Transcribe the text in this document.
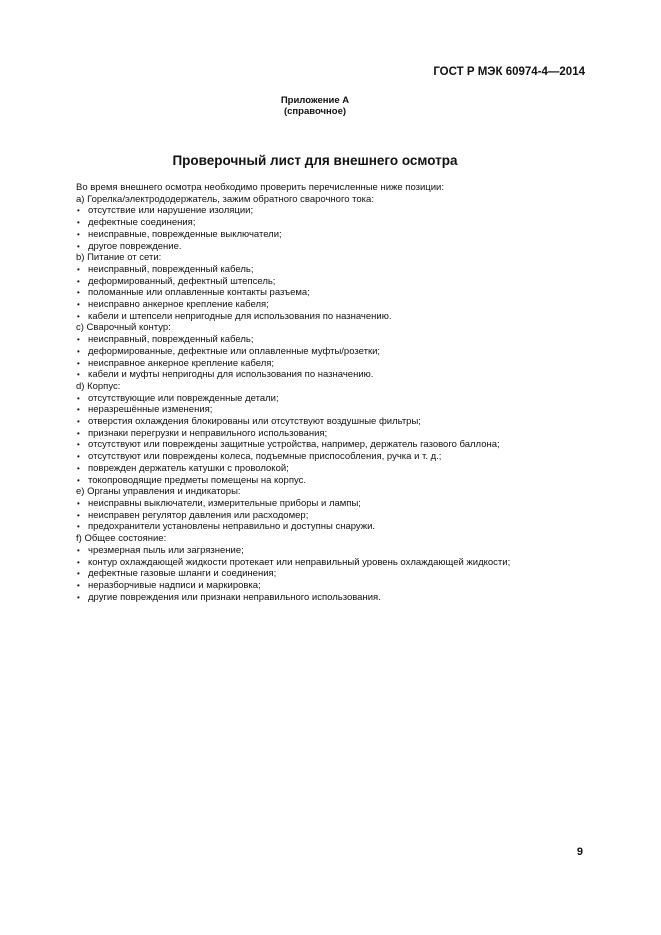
ГОСТ Р МЭК 60974-4—2014
Приложение А
(справочное)
Проверочный лист для внешнего осмотра
Во время внешнего осмотра необходимо проверить перечисленные ниже позиции:
a) Горелка/электрододержатель, зажим обратного сварочного тока:
• отсутствие или нарушение изоляции;
• дефектные соединения;
• неисправные, поврежденные выключатели;
• другое повреждение.
b) Питание от сети:
• неисправный, поврежденный кабель;
• деформированный, дефектный штепсель;
• поломанные или оплавленные контакты разъема;
• неисправно анкерное крепление кабеля;
• кабели и штепсели непригодные для использования по назначению.
c) Сварочный контур:
• неисправный, поврежденный кабель;
• деформированные, дефектные или оплавленные муфты/розетки;
• неисправное анкерное крепление кабеля;
• кабели и муфты непригодны для использования по назначению.
d) Корпус:
• отсутствующие или поврежденные детали;
• неразрешённые изменения;
• отверстия охлаждения блокированы или отсутствуют воздушные фильтры;
• признаки перегрузки и неправильного использования;
• отсутствуют или повреждены защитные устройства, например, держатель газового баллона;
• отсутствуют или повреждены колеса, подъемные приспособления, ручка и т. д.;
• поврежден держатель катушки с проволокой;
• токопроводящие предметы помещены на корпус.
e) Органы управления и индикаторы:
• неисправны выключатели, измерительные приборы и лампы;
• неисправен регулятор давления или расходомер;
• предохранители установлены неправильно и доступны снаружи.
f) Общее состояние:
• чрезмерная пыль или загрязнение;
• контур охлаждающей жидкости протекает или неправильный уровень охлаждающей жидкости;
• дефектные газовые шланги и соединения;
• неразборчивые надписи и маркировка;
• другие повреждения или признаки неправильного использования.
9
